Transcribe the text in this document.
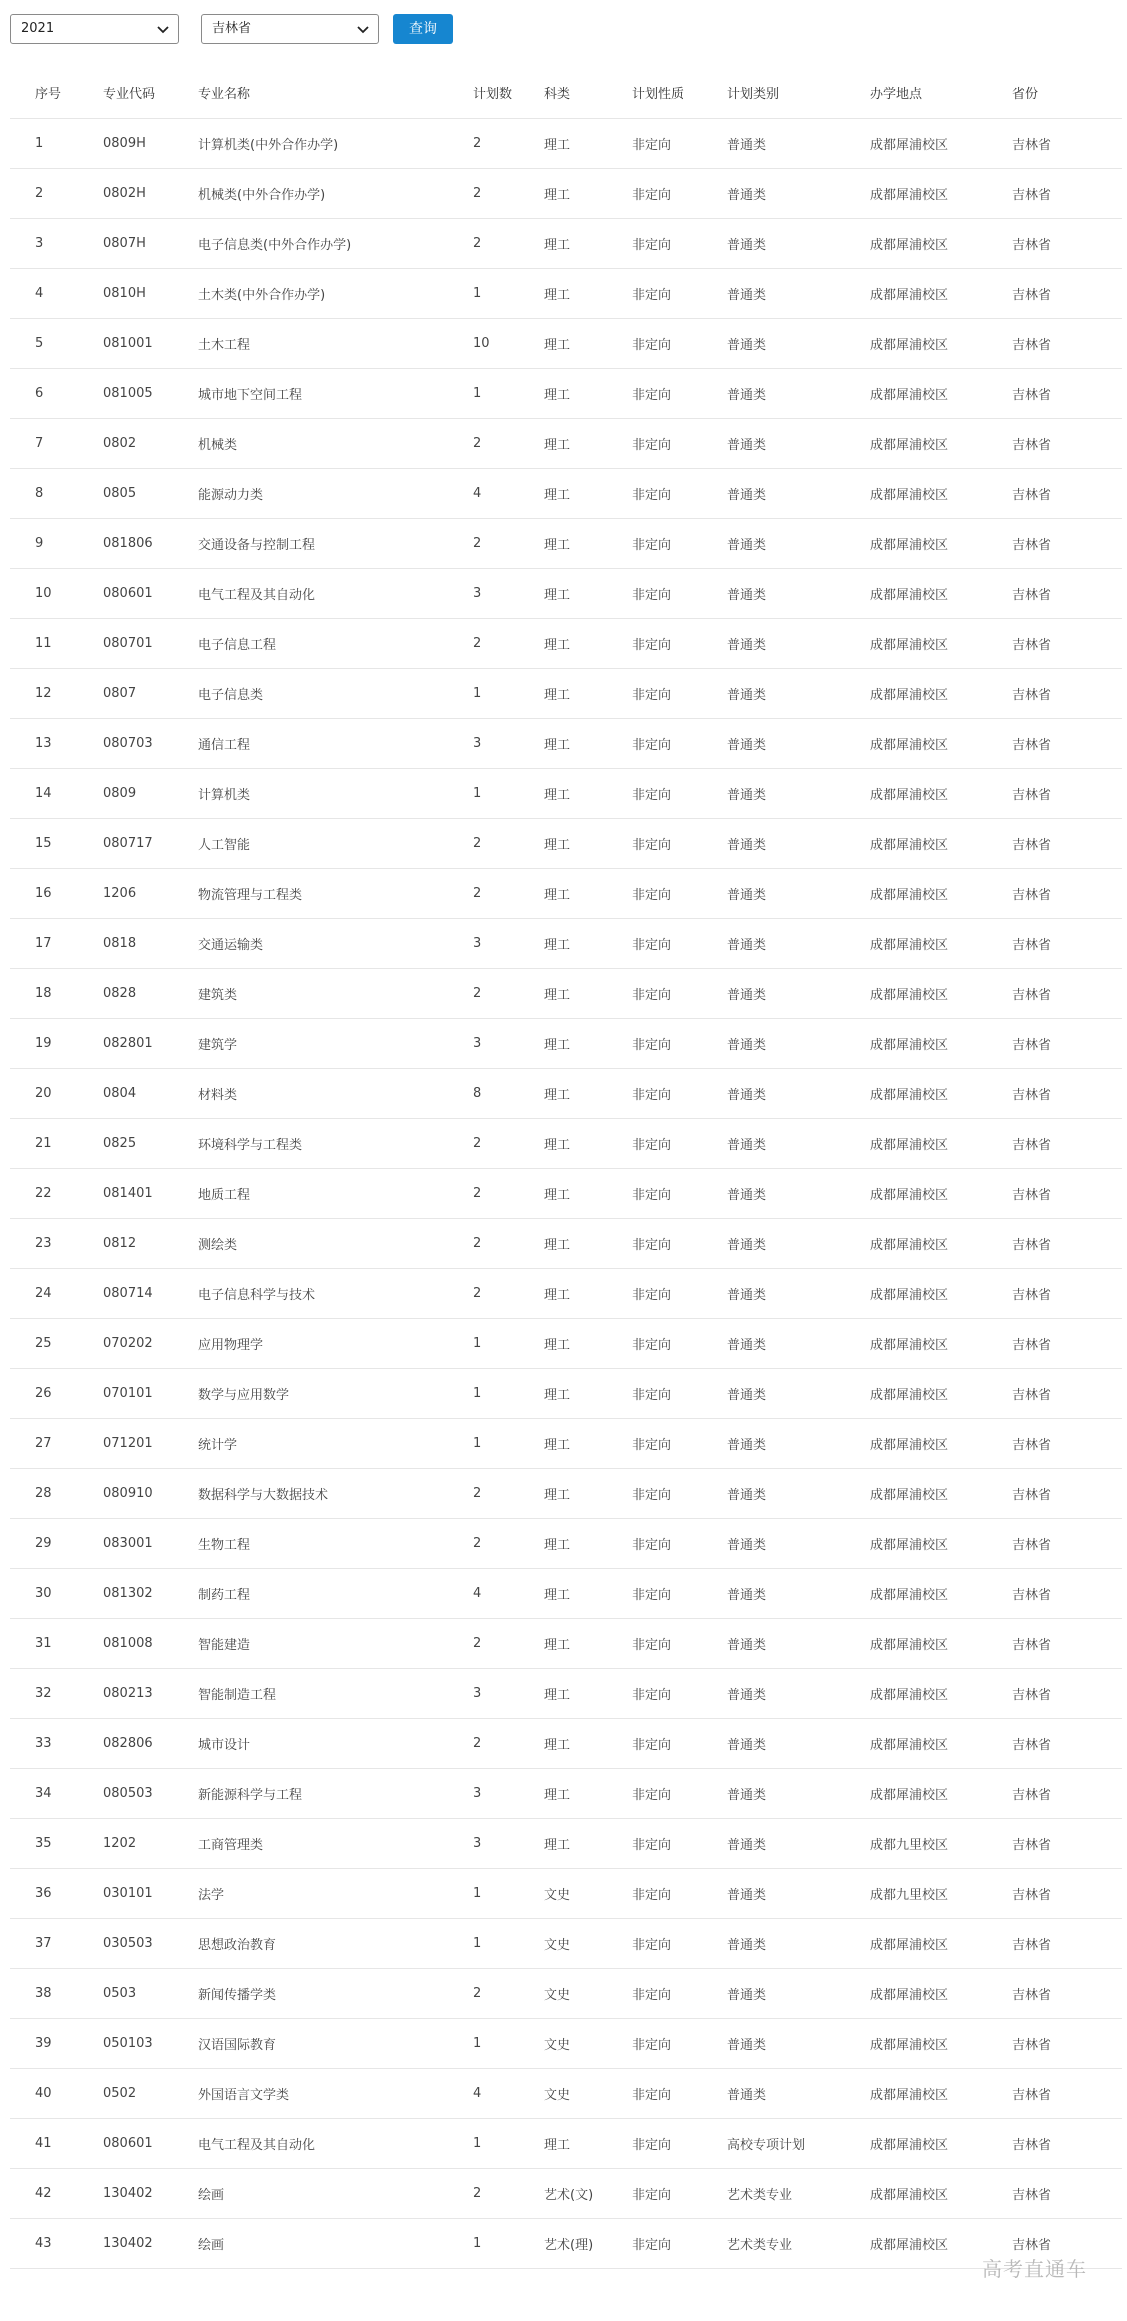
2021	吉林省	查询
序号	专业代码	专业名称	计划数	科类	计划性质	计划类别	办学地点	省份
1	0809H	计算机类(中外合作办学)	2	理工	非定向	普通类	成都犀浦校区	吉林省
2	0802H	机械类(中外合作办学)	2	理工	非定向	普通类	成都犀浦校区	吉林省
3	0807H	电子信息类(中外合作办学)	2	理工	非定向	普通类	成都犀浦校区	吉林省
4	0810H	土木类(中外合作办学)	1	理工	非定向	普通类	成都犀浦校区	吉林省
5	081001	土木工程	10	理工	非定向	普通类	成都犀浦校区	吉林省
6	081005	城市地下空间工程	1	理工	非定向	普通类	成都犀浦校区	吉林省
7	0802	机械类	2	理工	非定向	普通类	成都犀浦校区	吉林省
8	0805	能源动力类	4	理工	非定向	普通类	成都犀浦校区	吉林省
9	081806	交通设备与控制工程	2	理工	非定向	普通类	成都犀浦校区	吉林省
10	080601	电气工程及其自动化	3	理工	非定向	普通类	成都犀浦校区	吉林省
11	080701	电子信息工程	2	理工	非定向	普通类	成都犀浦校区	吉林省
12	0807	电子信息类	1	理工	非定向	普通类	成都犀浦校区	吉林省
13	080703	通信工程	3	理工	非定向	普通类	成都犀浦校区	吉林省
14	0809	计算机类	1	理工	非定向	普通类	成都犀浦校区	吉林省
15	080717	人工智能	2	理工	非定向	普通类	成都犀浦校区	吉林省
16	1206	物流管理与工程类	2	理工	非定向	普通类	成都犀浦校区	吉林省
17	0818	交通运输类	3	理工	非定向	普通类	成都犀浦校区	吉林省
18	0828	建筑类	2	理工	非定向	普通类	成都犀浦校区	吉林省
19	082801	建筑学	3	理工	非定向	普通类	成都犀浦校区	吉林省
20	0804	材料类	8	理工	非定向	普通类	成都犀浦校区	吉林省
21	0825	环境科学与工程类	2	理工	非定向	普通类	成都犀浦校区	吉林省
22	081401	地质工程	2	理工	非定向	普通类	成都犀浦校区	吉林省
23	0812	测绘类	2	理工	非定向	普通类	成都犀浦校区	吉林省
24	080714	电子信息科学与技术	2	理工	非定向	普通类	成都犀浦校区	吉林省
25	070202	应用物理学	1	理工	非定向	普通类	成都犀浦校区	吉林省
26	070101	数学与应用数学	1	理工	非定向	普通类	成都犀浦校区	吉林省
27	071201	统计学	1	理工	非定向	普通类	成都犀浦校区	吉林省
28	080910	数据科学与大数据技术	2	理工	非定向	普通类	成都犀浦校区	吉林省
29	083001	生物工程	2	理工	非定向	普通类	成都犀浦校区	吉林省
30	081302	制药工程	4	理工	非定向	普通类	成都犀浦校区	吉林省
31	081008	智能建造	2	理工	非定向	普通类	成都犀浦校区	吉林省
32	080213	智能制造工程	3	理工	非定向	普通类	成都犀浦校区	吉林省
33	082806	城市设计	2	理工	非定向	普通类	成都犀浦校区	吉林省
34	080503	新能源科学与工程	3	理工	非定向	普通类	成都犀浦校区	吉林省
35	1202	工商管理类	3	理工	非定向	普通类	成都九里校区	吉林省
36	030101	法学	1	文史	非定向	普通类	成都九里校区	吉林省
37	030503	思想政治教育	1	文史	非定向	普通类	成都犀浦校区	吉林省
38	0503	新闻传播学类	2	文史	非定向	普通类	成都犀浦校区	吉林省
39	050103	汉语国际教育	1	文史	非定向	普通类	成都犀浦校区	吉林省
40	0502	外国语言文学类	4	文史	非定向	普通类	成都犀浦校区	吉林省
41	080601	电气工程及其自动化	1	理工	非定向	高校专项计划	成都犀浦校区	吉林省
42	130402	绘画	2	艺术(文)	非定向	艺术类专业	成都犀浦校区	吉林省
43	130402	绘画	1	艺术(理)	非定向	艺术类专业	成都犀浦校区	吉林省
高考直通车
